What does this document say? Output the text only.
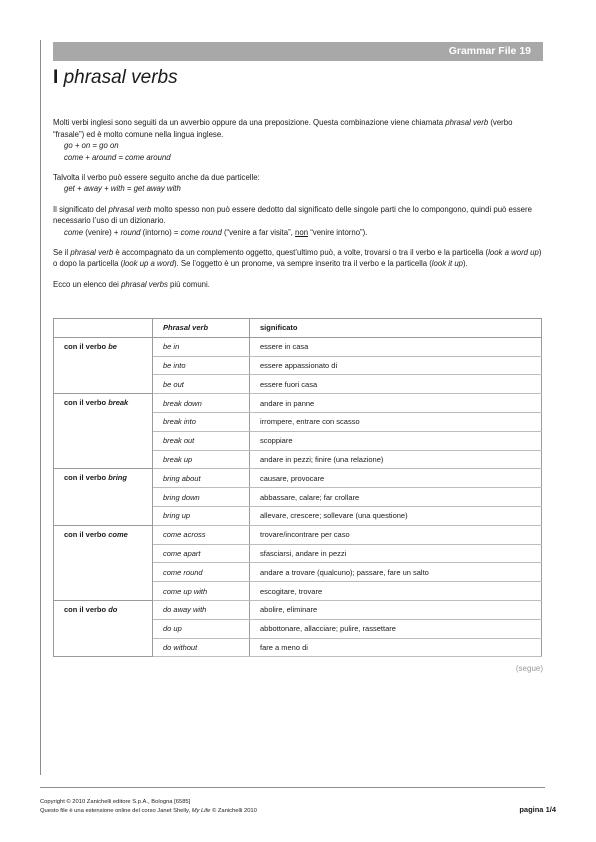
Grammar File 19
I phrasal verbs

Molti verbi inglesi sono seguiti da un avverbio oppure da una preposizione. Questa combinazione viene chiamata phrasal verb (verbo “frasale”) ed è molto comune nella lingua inglese.
go + on = go on
come + around = come around

Talvolta il verbo può essere seguito anche da due particelle:
get + away + with = get away with

Il significato del phrasal verb molto spesso non può essere dedotto dal significato delle singole parti che lo compongono, quindi può essere necessario l’uso di un dizionario.
come (venire) + round (intorno) = come round (“venire a far visita”, non “venire intorno”).

Se il phrasal verb è accompagnato da un complemento oggetto, quest’ultimo può, a volte, trovarsi o tra il verbo e la particella (look a word up) o dopo la particella (look up a word). Se l’oggetto è un pronome, va sempre inserito tra il verbo e la particella (look it up).

Ecco un elenco dei phrasal verbs più comuni.

	Phrasal verb	significato
con il verbo be	be in	essere in casa
	be into	essere appassionato di
	be out	essere fuori casa
con il verbo break	break down	andare in panne
	break into	irrompere, entrare con scasso
	break out	scoppiare
	break up	andare in pezzi; finire (una relazione)
con il verbo bring	bring about	causare, provocare
	bring down	abbassare, calare; far crollare
	bring up	allevare, crescere; sollevare (una questione)
con il verbo come	come across	trovare/incontrare per caso
	come apart	sfasciarsi, andare in pezzi
	come round	andare a trovare (qualcuno); passare, fare un salto
	come up with	escogitare, trovare
con il verbo do	do away with	abolire, eliminare
	do up	abbottonare, allacciare; pulire, rassettare
	do without	fare a meno di
(segue)
Copyright © 2010 Zanichelli editore S.p.A., Bologna [6585]
Questo file è una estensione online del corso Janet Shelly, My Life © Zanichelli 2010	pagina 1/4
